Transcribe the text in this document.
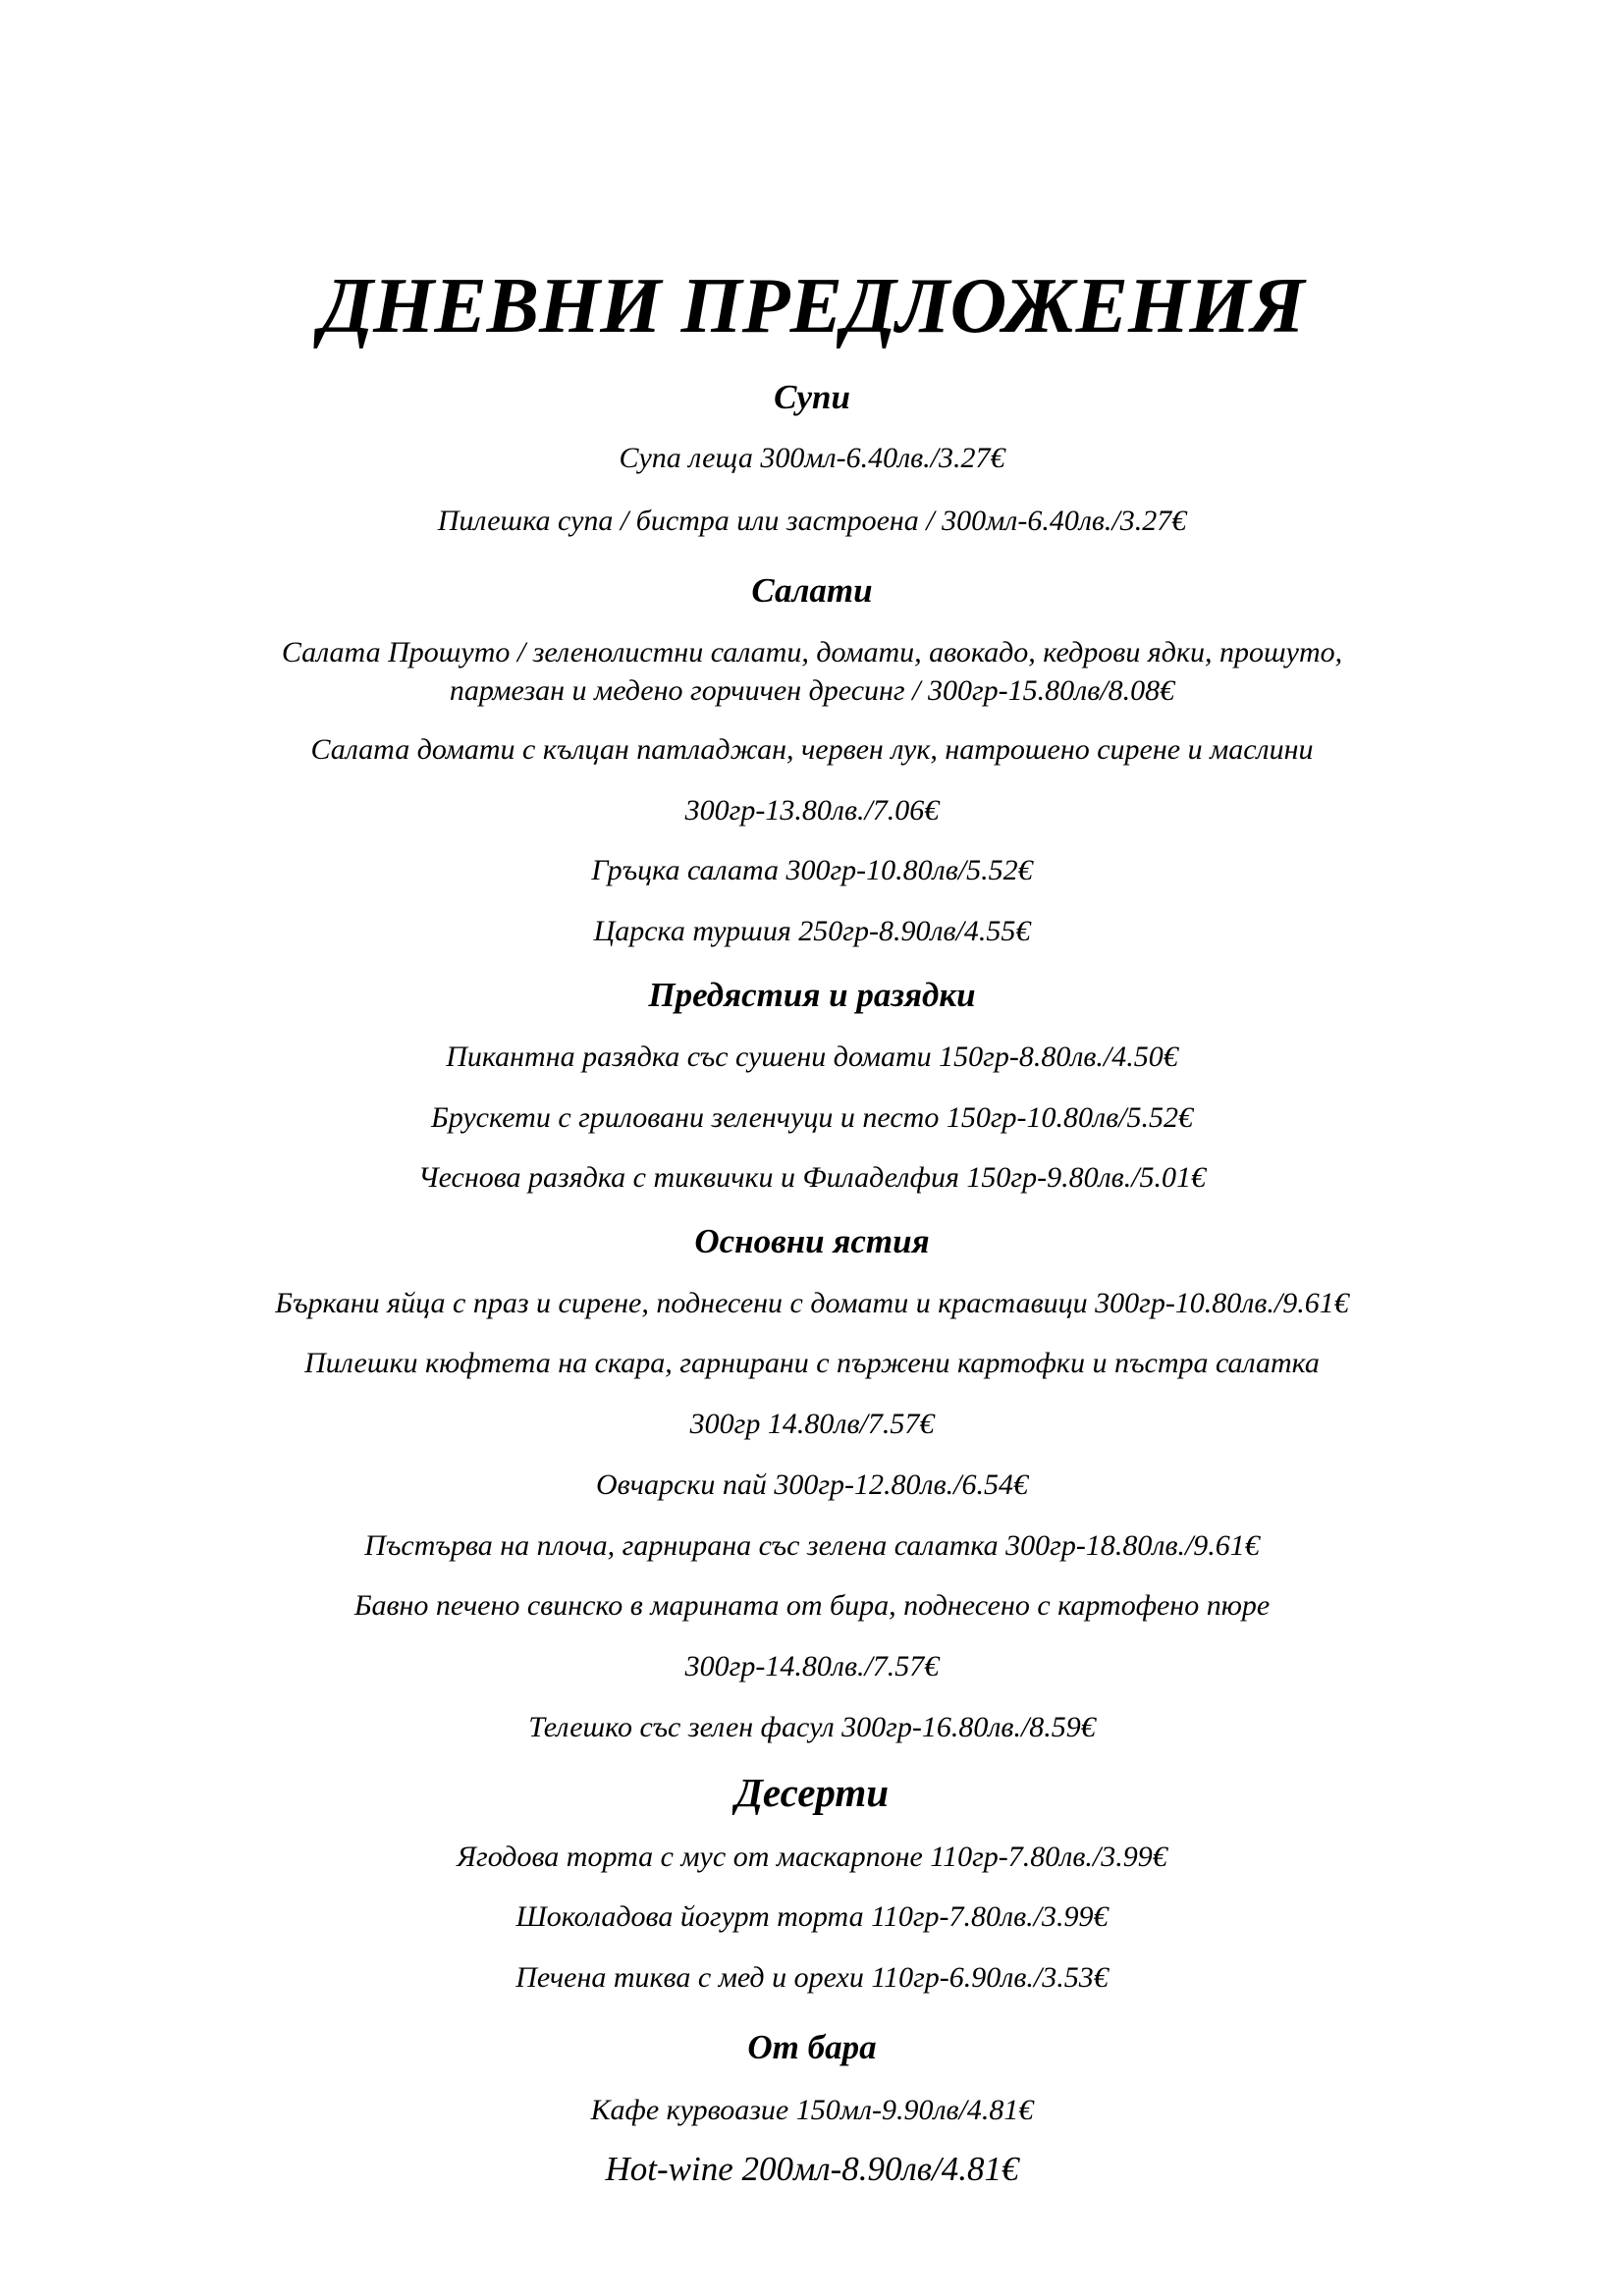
ДНЕВНИ ПРЕДЛОЖЕНИЯ
Супи

Супа леща 300мл-6.40лв./3.27€

Пилешка супа / бистра или застроена / 300мл-6.40лв./3.27€

Салати

Салата Прошуто / зеленолистни салати, домати, авокадо, кедрови ядки, прошуто,

пармезан и медено горчичен дресинг / 300гр-15.80лв/8.08€

Салата домати с кълцан патладжан, червен лук, натрошено сирене и маслини

300гр-13.80лв./7.06€

Гръцка салата 300гр-10.80лв/5.52€

Царска туршия 250гр-8.90лв/4.55€

Предястия и разядки

Пикантна разядка със сушени домати 150гр-8.80лв./4.50€

Брускети с гриловани зеленчуци и песто 150гр-10.80лв/5.52€

Чеснова разядка с тиквички и Филаделфия 150гр-9.80лв./5.01€

Основни ястия

Бъркани яйца с праз и сирене, поднесени с домати и краставици 300гр-10.80лв./9.61€

Пилешки кюфтета на скара, гарнирани с пържени картофки и пъстра салатка

300гр 14.80лв/7.57€

Овчарски пай 300гр-12.80лв./6.54€

Пъстърва на плоча, гарнирана със зелена салатка 300гр-18.80лв./9.61€

Бавно печено свинско в марината от бира, поднесено с картофено пюре

300гр-14.80лв./7.57€

Телешко със зелен фасул 300гр-16.80лв./8.59€

Десерти

Ягодова торта с мус от маскарпоне 110гр-7.80лв./3.99€

Шоколадова йогурт торта 110гр-7.80лв./3.99€

Печена тиква с мед и орехи 110гр-6.90лв./3.53€

От бара

Кафе курвоазие 150мл-9.90лв/4.81€

Hot-wine 200мл-8.90лв/4.81€
